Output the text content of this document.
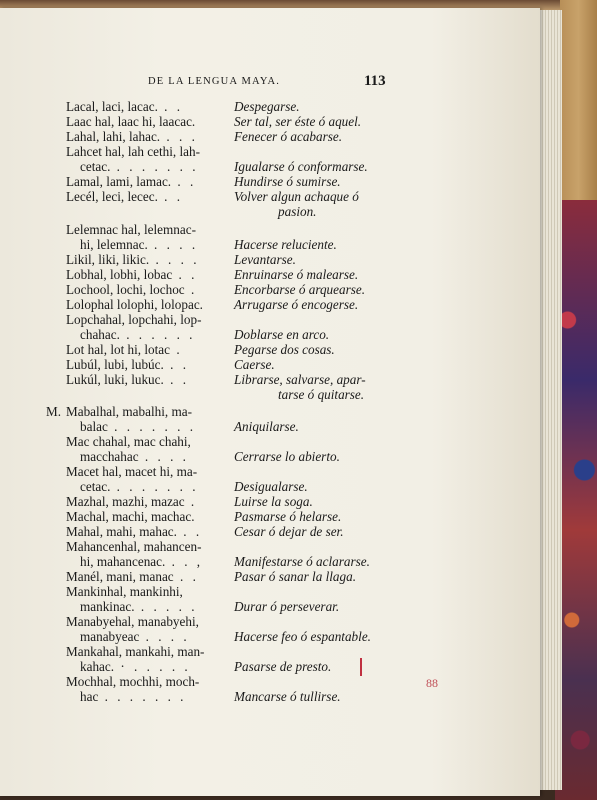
DE LA LENGUA MAYA.	113
M.
Lacal, laci, lacac. . .	Despegarse.
Laac hal, laac hi, laacac.	Ser tal, ser éste ó aquel.
Lahal, lahi, lahac. . . .	Fenecer ó acabarse.
Lahcet hal, lah cethi, lah-
cetac. . . . . . . .	Igualarse ó conformarse.
Lamal, lami, lamac. . .	Hundirse ó sumirse.
Lecél, leci, lecec. . .	Volver algun achaque ó
pasion.
Lelemnac hal, lelemnac-
hi, lelemnac. . . . .	Hacerse reluciente.
Likil, liki, likic. . . . .	Levantarse.
Lobhal, lobhi, lobac . .	Enruinarse ó malearse.
Lochool, lochi, lochoc .	Encorbarse ó arquearse.
Lolophal lolophi, lolopac. Arrugarse ó encogerse.
Lopchahal, lopchahi, lop-
chahac. . . . . . .	Doblarse en arco.
Lot hal, lot hi, lotac .	Pegarse dos cosas.
Lubúl, lubi, lubúc. . .	Caerse.
Lukúl, luki, lukuc. . .	Librarse, salvarse, apar-
tarse ó quitarse.
Mabalhal, mabalhi, ma-
balac . . . . . . .	Aniquilarse.
Mac chahal, mac chahi,
macchahac . . . .	Cerrarse lo abierto.
Macet hal, macet hi, ma-
cetac. . . . . . . .	Desigualarse.
Mazhal, mazhi, mazac .	Luirse la soga.
Machal, machi, machac.	Pasmarse ó helarse.
Mahal, mahi, mahac. . . Cesar ó dejar de ser.
Mahancenhal, mahancen-
hi, mahancenac. . . , Manifestarse ó aclararse.
Manél, mani, manac . .	Pasar ó sanar la llaga.
Mankinhal, mankinhi,
mankinac. . . . . .	Durar ó perseverar.
Manabyehal, manabyehi,
manabyeac . . . .	Hacerse feo ó espantable.
Mankahal, mankahi, man-
kahac. · . . . . .	Pasarse de presto.
Mochhal, mochhi, moch-
hac . . . . . . .	Mancarse ó tullirse.
88
